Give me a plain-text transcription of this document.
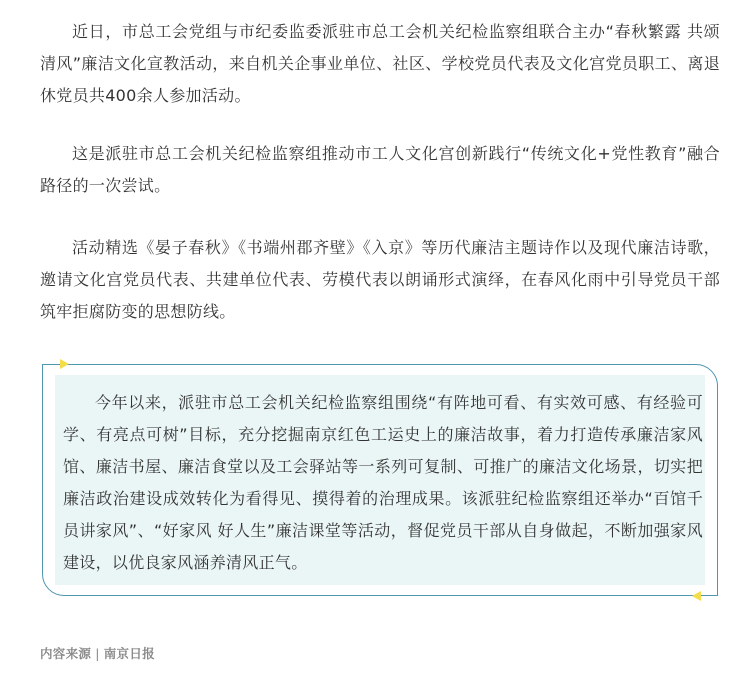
近日，市总工会党组与市纪委监委派驻市总工会机关纪检监察组联合主办“春秋繁露 共颂清风”廉洁文化宣教活动，来自机关企事业单位、社区、学校党员代表及文化宫党员职工、离退休党员共400余人参加活动。

这是派驻市总工会机关纪检监察组推动市工人文化宫创新践行“传统文化+党性教育”融合路径的一次尝试。

活动精选《晏子春秋》《书端州郡齐壁》《入京》等历代廉洁主题诗作以及现代廉洁诗歌，邀请文化宫党员代表、共建单位代表、劳模代表以朗诵形式演绎，在春风化雨中引导党员干部筑牢拒腐防变的思想防线。

今年以来，派驻市总工会机关纪检监察组围绕“有阵地可看、有实效可感、有经验可学、有亮点可树”目标，充分挖掘南京红色工运史上的廉洁故事，着力打造传承廉洁家风馆、廉洁书屋、廉洁食堂以及工会驿站等一系列可复制、可推广的廉洁文化场景，切实把廉洁政治建设成效转化为看得见、摸得着的治理成果。该派驻纪检监察组还举办“百馆千员讲家风”、“好家风 好人生”廉洁课堂等活动，督促党员干部从自身做起，不断加强家风建设，以优良家风涵养清风正气。

内容来源 | 南京日报
